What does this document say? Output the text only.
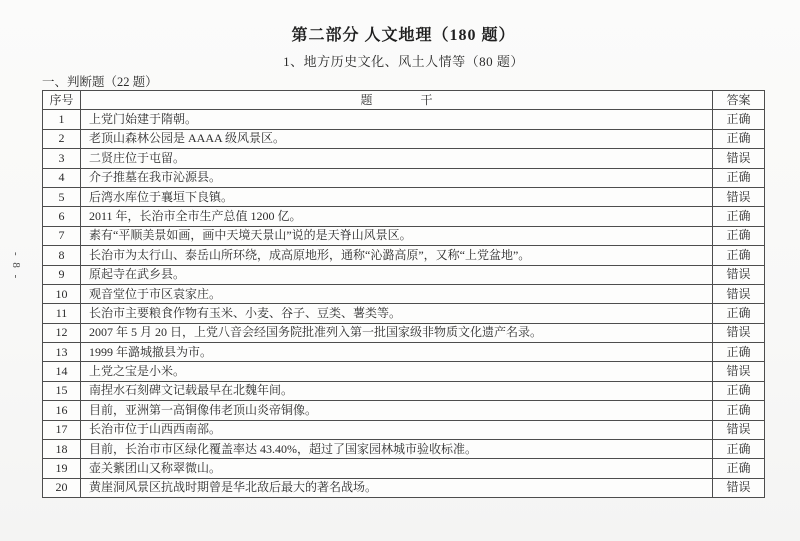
第二部分 人文地理（180 题）
1、地方历史文化、风土人情等（80 题）
一、判断题（22 题）
- 8 -
序号	题　　　　干	答案
1	上党门始建于隋朝。	正确
2	老顶山森林公园是 AAAA 级风景区。	正确
3	二贤庄位于屯留。	错误
4	介子推墓在我市沁源县。	正确
5	后湾水库位于襄垣下良镇。	错误
6	2011 年，长治市全市生产总值 1200 亿。	正确
7	素有“平顺美景如画，画中天境天景山”说的是天脊山风景区。	正确
8	长治市为太行山、泰岳山所环绕，成高原地形，通称“沁潞高原”，又称“上党盆地”。	正确
9	原起寺在武乡县。	错误
10	观音堂位于市区袁家庄。	错误
11	长治市主要粮食作物有玉米、小麦、谷子、豆类、薯类等。	正确
12	2007 年 5 月 20 日，上党八音会经国务院批准列入第一批国家级非物质文化遗产名录。	错误
13	1999 年潞城撤县为市。	正确
14	上党之宝是小米。	错误
15	南捏水石刻碑文记载最早在北魏年间。	正确
16	目前，亚洲第一高铜像伟老顶山炎帝铜像。	正确
17	长治市位于山西西南部。	错误
18	目前，长治市市区绿化覆盖率达 43.40%，超过了国家园林城市验收标准。	正确
19	壶关紫团山又称翠微山。	正确
20	黄崖洞风景区抗战时期曾是华北敌后最大的著名战场。	错误
